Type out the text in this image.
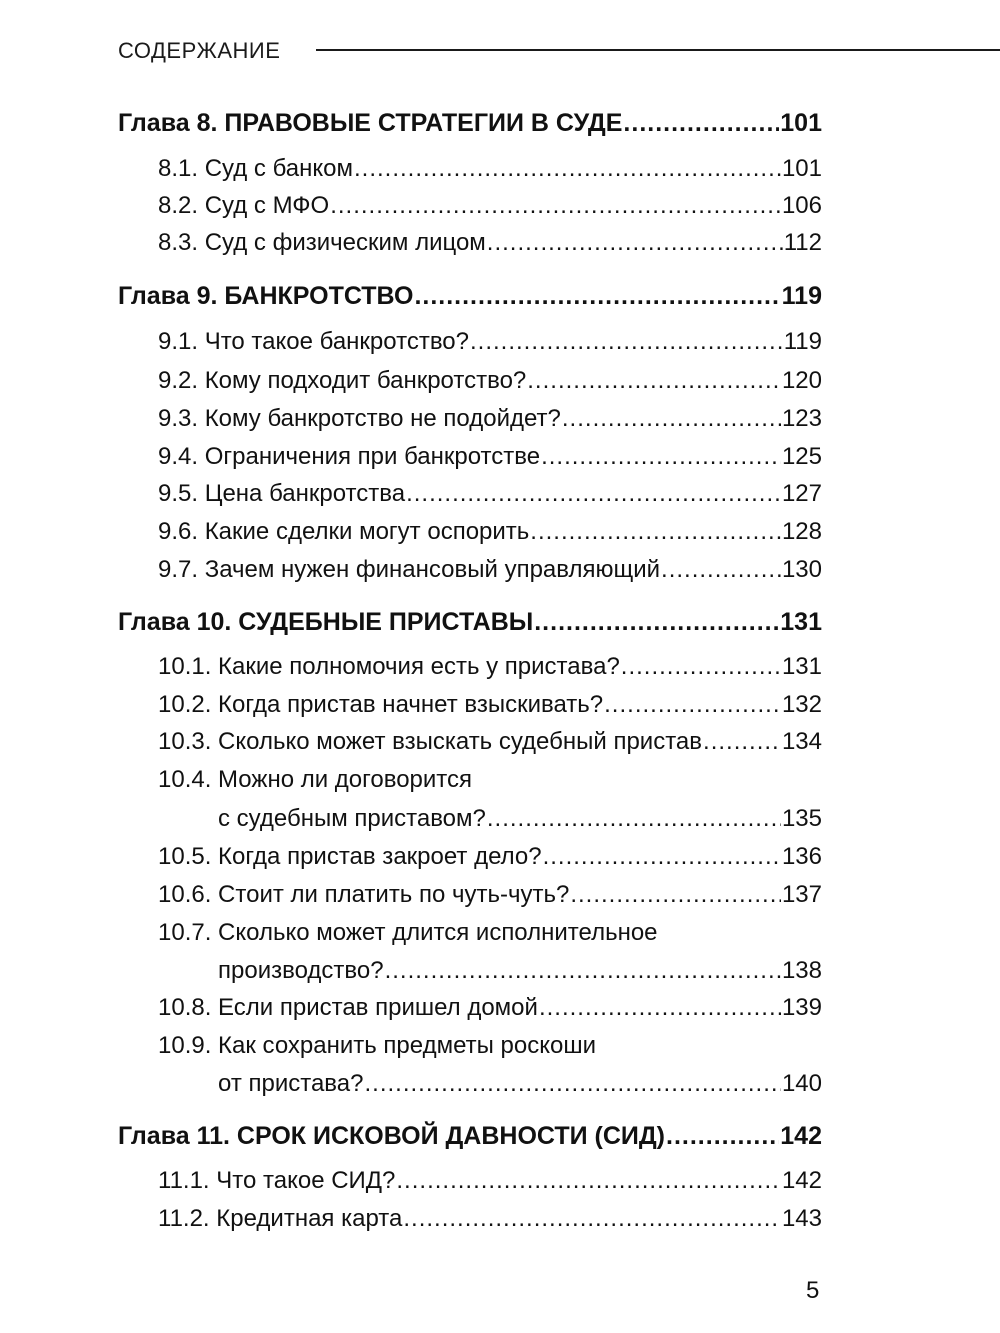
СОДЕРЖАНИЕ
Глава 8. ПРАВОВЫЕ СТРАТЕГИИ В СУДЕ .....	101
8.1. Суд с банком .....	101
8.2. Суд с МФО .....	106
8.3. Суд с физическим лицом .....	112
Глава 9. БАНКРОТСТВО .....	119
9.1. Что такое банкротство? .....	119
9.2. Кому подходит банкротство? .....	120
9.3. Кому банкротство не подойдет? .....	123
9.4. Ограничения при банкротстве .....	125
9.5. Цена банкротства .....	127
9.6. Какие сделки могут оспорить .....	128
9.7. Зачем нужен финансовый управляющий .....	130
Глава 10. СУДЕБНЫЕ ПРИСТАВЫ .....	131
10.1. Какие полномочия есть у пристава? .....	131
10.2. Когда пристав начнет взыскивать? .....	132
10.3. Сколько может взыскать судебный пристав .....	134
10.4. Можно ли договорится
с судебным приставом? .....	135
10.5. Когда пристав закроет дело? .....	136
10.6. Стоит ли платить по чуть-чуть? .....	137
10.7. Сколько может длится исполнительное
производство? .....	138
10.8. Если пристав пришел домой .....	139
10.9. Как сохранить предметы роскоши
от пристава? .....	140
Глава 11. СРОК ИСКОВОЙ ДАВНОСТИ (СИД) .....	142
11.1. Что такое СИД? .....	142
11.2. Кредитная карта .....	143
5
